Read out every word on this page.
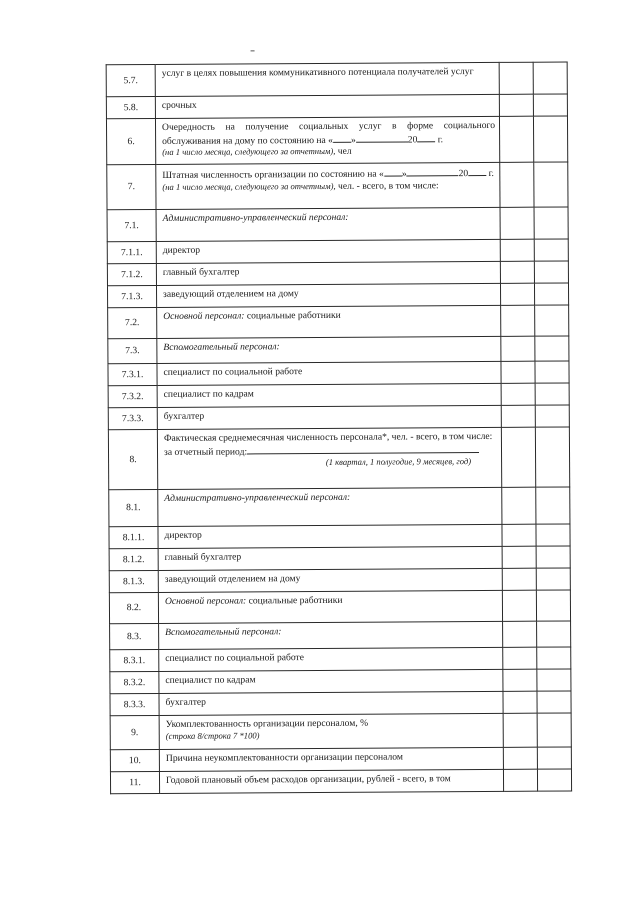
5.7.	услуг в целях повышения коммуникативного потенциала получателей услуг		
5.8.	срочных		
6.	Очередность на получение социальных услуг в форме социального обслуживания на дому по состоянию на « » 20 г.
(на 1 число месяца, следующего за отчетным), чел		
7.	Штатная численность организации по состоянию на « » 20 г.
(на 1 число месяца, следующего за отчетным), чел. - всего, в том числе:		
7.1.	Административно-управленческий персонал:		
7.1.1.	директор		
7.1.2.	главный бухгалтер		
7.1.3.	заведующий отделением на дому		
7.2.	Основной персонал: социальные работники		
7.3.	Вспомогательный персонал:		
7.3.1.	специалист по социальной работе		
7.3.2.	специалист по кадрам		
7.3.3.	бухгалтер		
8.	Фактическая среднемесячная численность персонала*, чел. - всего, в том числе:

за отчетный период:
(1 квартал, 1 полугодие, 9 месяцев, год)		

8.1.	Административно-управленческий персонал:		
8.1.1.	директор		
8.1.2.	главный бухгалтер		
8.1.3.	заведующий отделением на дому		
8.2.	Основной персонал: социальные работники		
8.3.	Вспомогательный персонал:		
8.3.1.	специалист по социальной работе		
8.3.2.	специалист по кадрам		
8.3.3.	бухгалтер		
9.	Укомплектованность организации персоналом, %
(строка 8/строка 7 *100)		
10.	Причина неукомплектованности организации персоналом		
11.	Годовой плановый объем расходов организации, рублей - всего, в том		
